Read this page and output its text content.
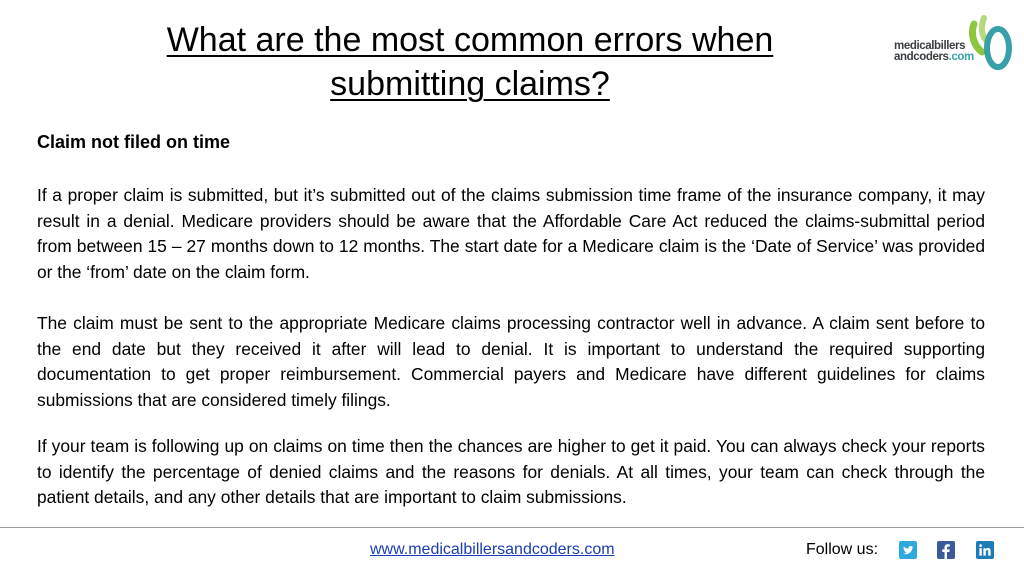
What are the most common errors when
submitting claims?
medicalbillers
andcoders.com
Claim not filed on time

If a proper claim is submitted, but it’s submitted out of the claims submission time frame of the insurance company, it may result in a denial. Medicare providers should be aware that the Affordable Care Act reduced the claims-submittal period from between 15 – 27 months down to 12 months. The start date for a Medicare claim is the ‘Date of Service’ was provided or the ‘from’ date on the claim form.

The claim must be sent to the appropriate Medicare claims processing contractor well in advance. A claim sent before to the end date but they received it after will lead to denial. It is important to understand the required supporting documentation to get proper reimbursement. Commercial payers and Medicare have different guidelines for claims submissions that are considered timely filings.

If your team is following up on claims on time then the chances are higher to get it paid. You can always check your reports to identify the percentage of denied claims and the reasons for denials. At all times, your team can check through the patient details, and any other details that are important to claim submissions.

www.medicalbillersandcoders.com	Follow us:
